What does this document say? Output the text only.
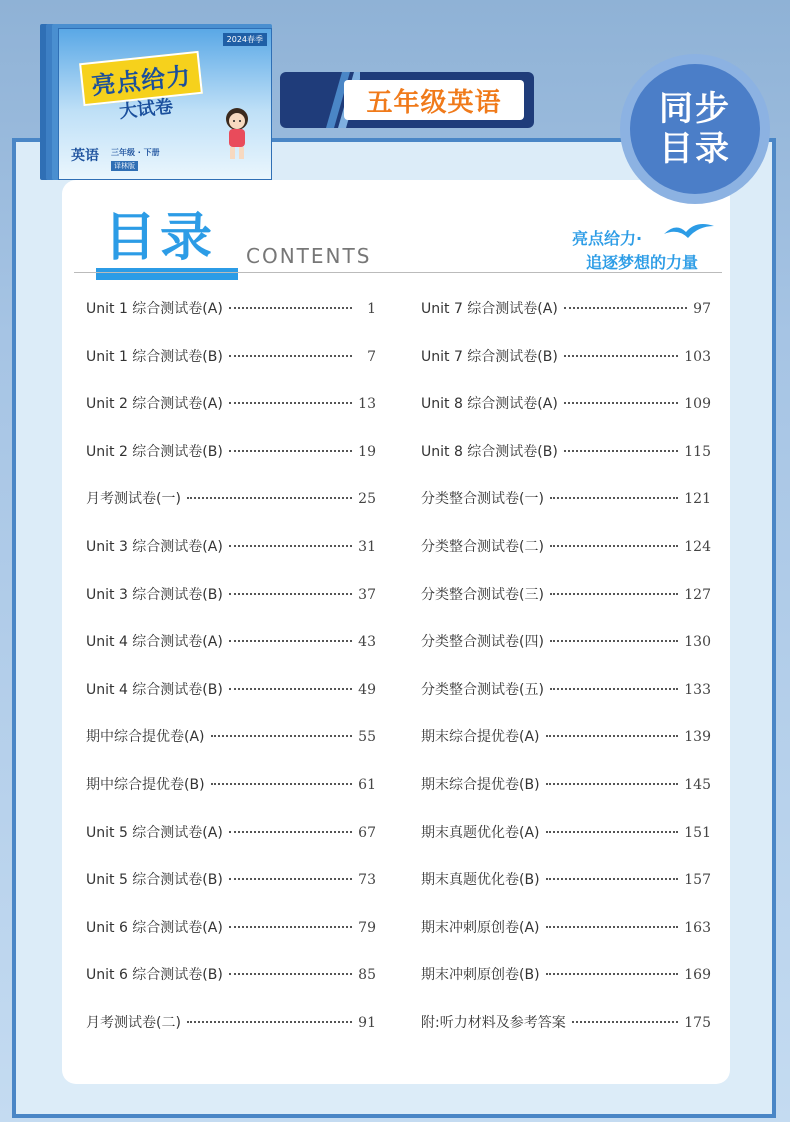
2024春季
亮点给力
大试卷
英语 三年级 · 下册
译林版
五年级英语	同步
目录
目录 CONTENTS
亮点给力·
追逐梦想的力量
Unit 1 综合测试卷(A)	1
Unit 1 综合测试卷(B)	7
Unit 2 综合测试卷(A)	13
Unit 2 综合测试卷(B)	19
月考测试卷(一)	25
Unit 3 综合测试卷(A)	31
Unit 3 综合测试卷(B)	37
Unit 4 综合测试卷(A)	43
Unit 4 综合测试卷(B)	49
期中综合提优卷(A)	55
期中综合提优卷(B)	61
Unit 5 综合测试卷(A)	67
Unit 5 综合测试卷(B)	73
Unit 6 综合测试卷(A)	79
Unit 6 综合测试卷(B)	85
月考测试卷(二)	91
Unit 7 综合测试卷(A)	97
Unit 7 综合测试卷(B)	103
Unit 8 综合测试卷(A)	109
Unit 8 综合测试卷(B)	115
分类整合测试卷(一)	121
分类整合测试卷(二)	124
分类整合测试卷(三)	127
分类整合测试卷(四)	130
分类整合测试卷(五)	133
期末综合提优卷(A)	139
期末综合提优卷(B)	145
期末真题优化卷(A)	151
期末真题优化卷(B)	157
期末冲刺原创卷(A)	163
期末冲刺原创卷(B)	169
附:听力材料及参考答案	175
